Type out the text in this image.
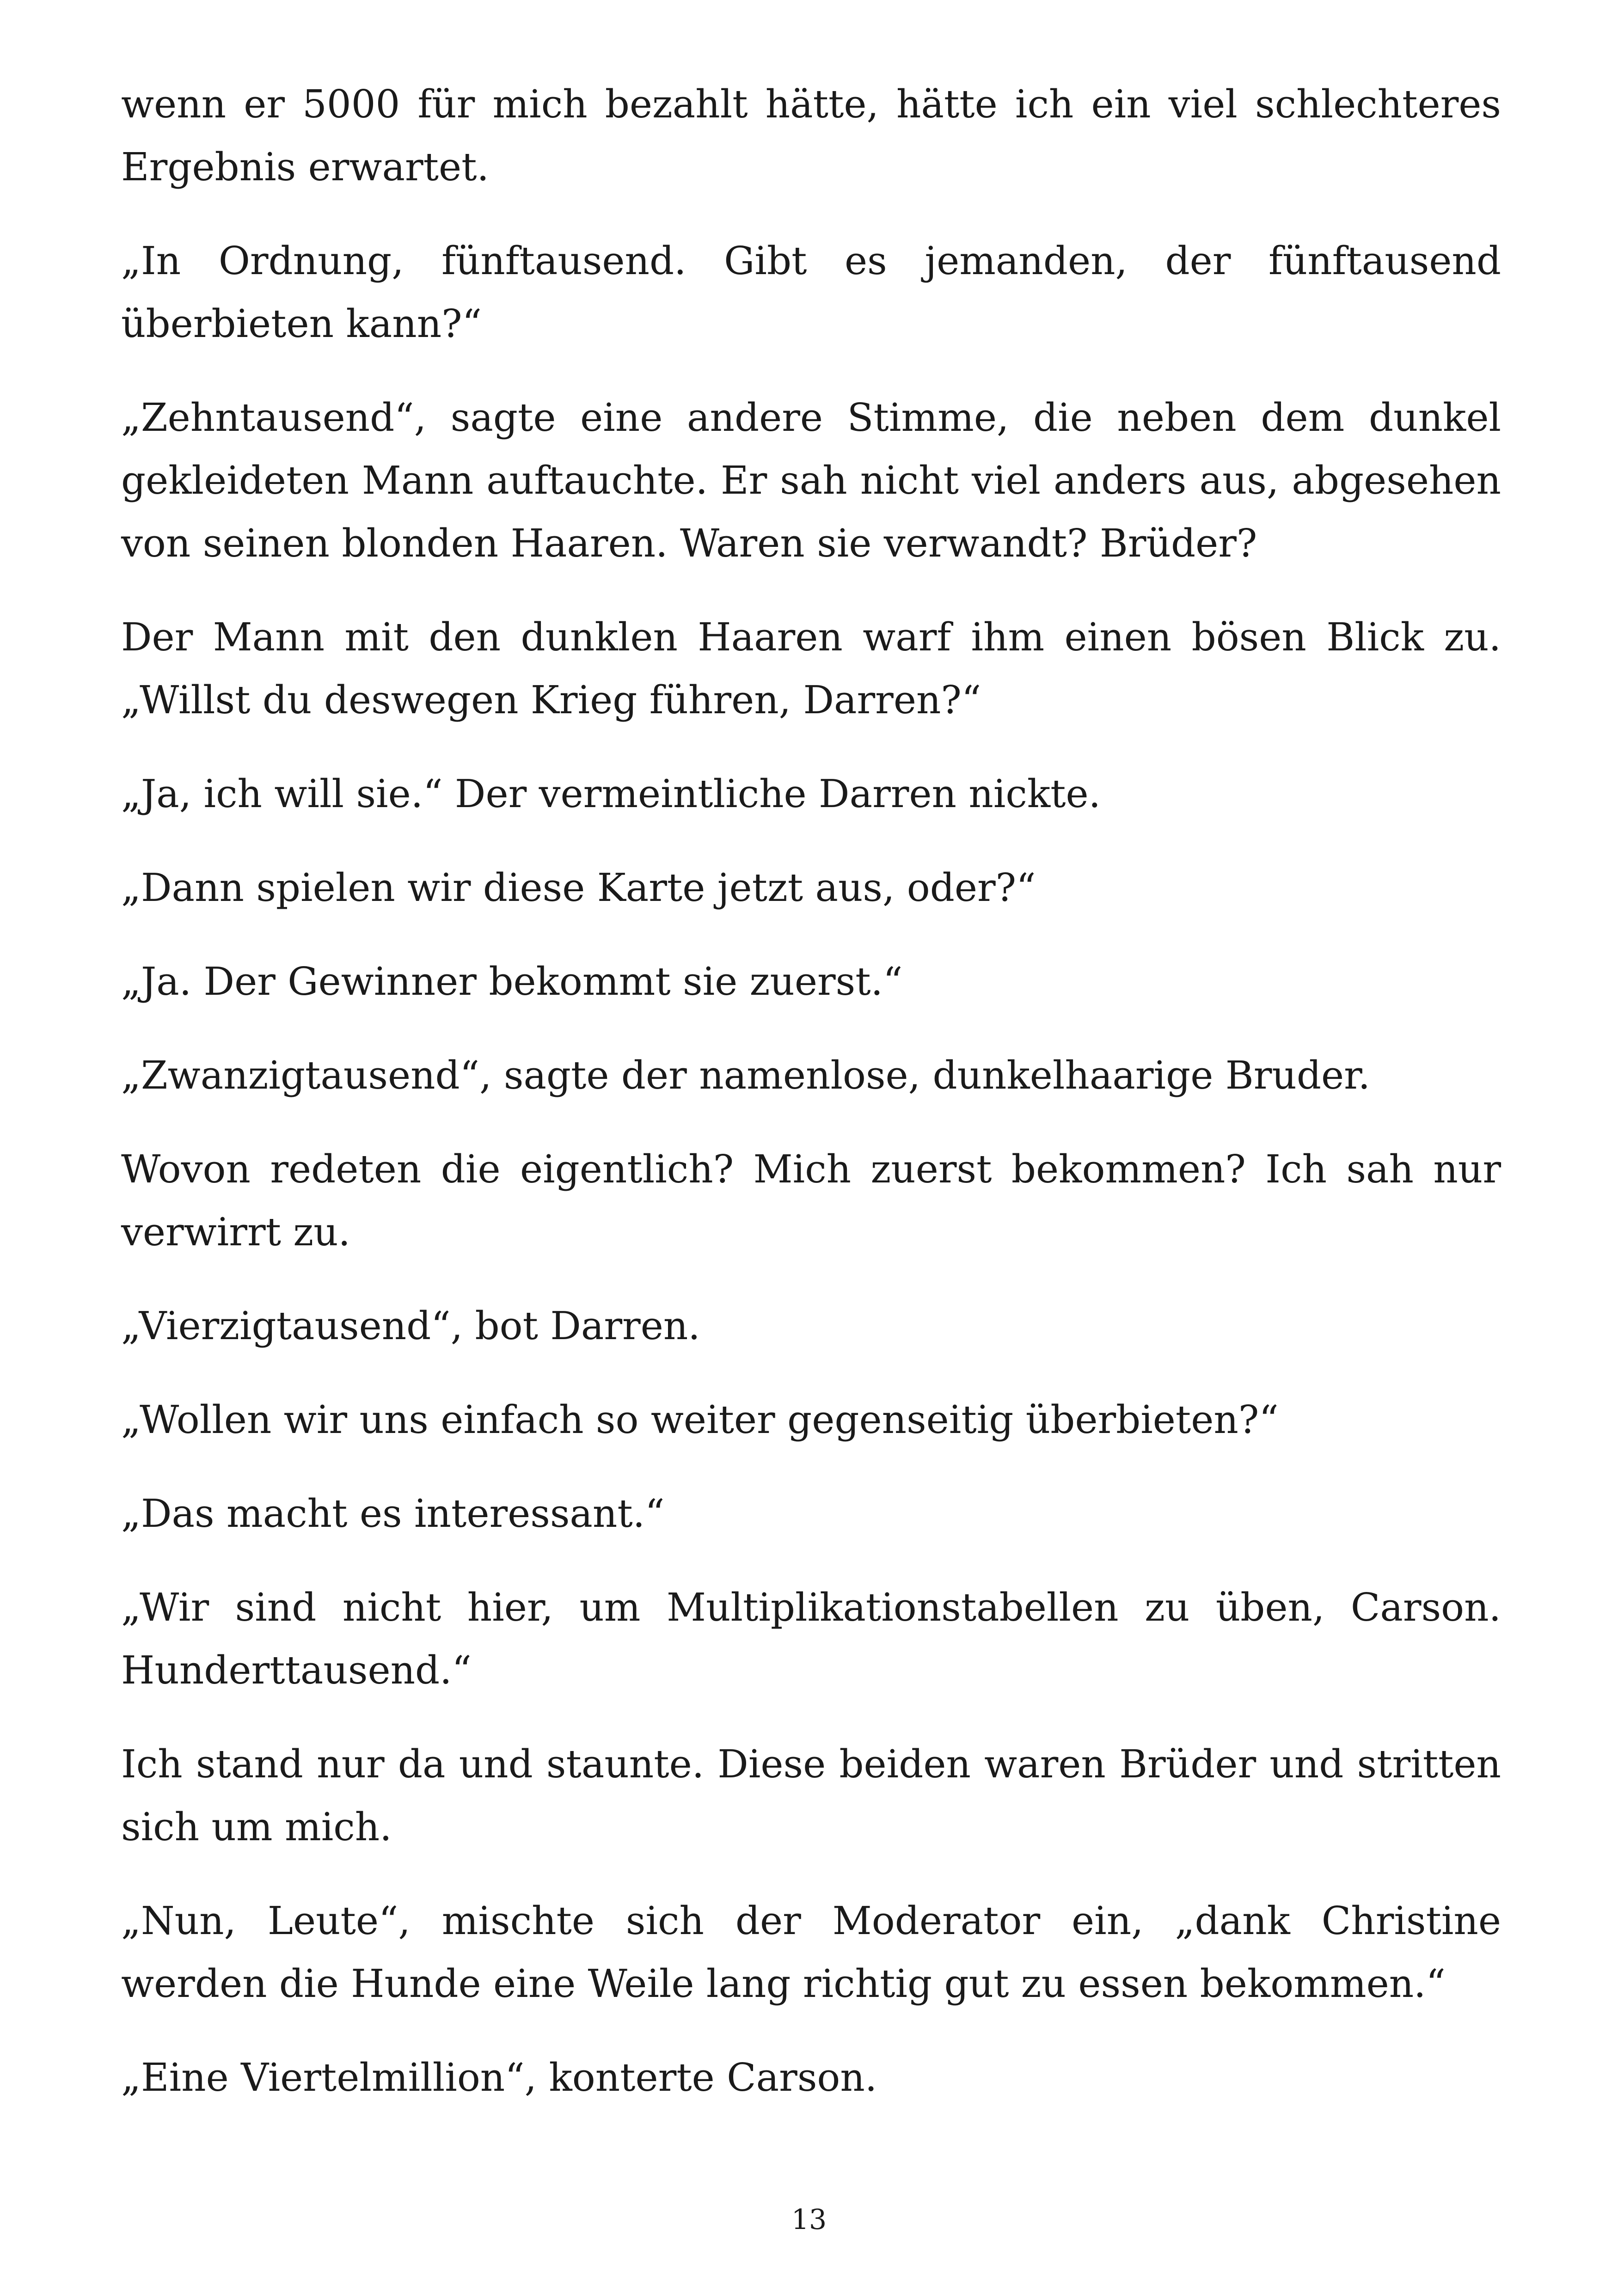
wenn er 5000 für mich bezahlt hätte, hätte ich ein viel schlechteres Ergebnis erwartet.

„In Ordnung, fünftausend. Gibt es jemanden, der fünftausend überbieten kann?“

„Zehntausend“, sagte eine andere Stimme, die neben dem dunkel gekleideten Mann auftauchte. Er sah nicht viel anders aus, abgesehen von seinen blonden Haaren. Waren sie verwandt? Brüder?

Der Mann mit den dunklen Haaren warf ihm einen bösen Blick zu. „Willst du deswegen Krieg führen, Darren?“

„Ja, ich will sie.“ Der vermeintliche Darren nickte.

„Dann spielen wir diese Karte jetzt aus, oder?“

„Ja. Der Gewinner bekommt sie zuerst.“

„Zwanzigtausend“, sagte der namenlose, dunkelhaarige Bruder.

Wovon redeten die eigentlich? Mich zuerst bekommen? Ich sah nur verwirrt zu.

„Vierzigtausend“, bot Darren.

„Wollen wir uns einfach so weiter gegenseitig überbieten?“

„Das macht es interessant.“

„Wir sind nicht hier, um Multiplikationstabellen zu üben, Carson. Hunderttausend.“

Ich stand nur da und staunte. Diese beiden waren Brüder und stritten sich um mich.

„Nun, Leute“, mischte sich der Moderator ein, „dank Christine werden die Hunde eine Weile lang richtig gut zu essen bekommen.“

„Eine Viertelmillion“, konterte Carson.

13
